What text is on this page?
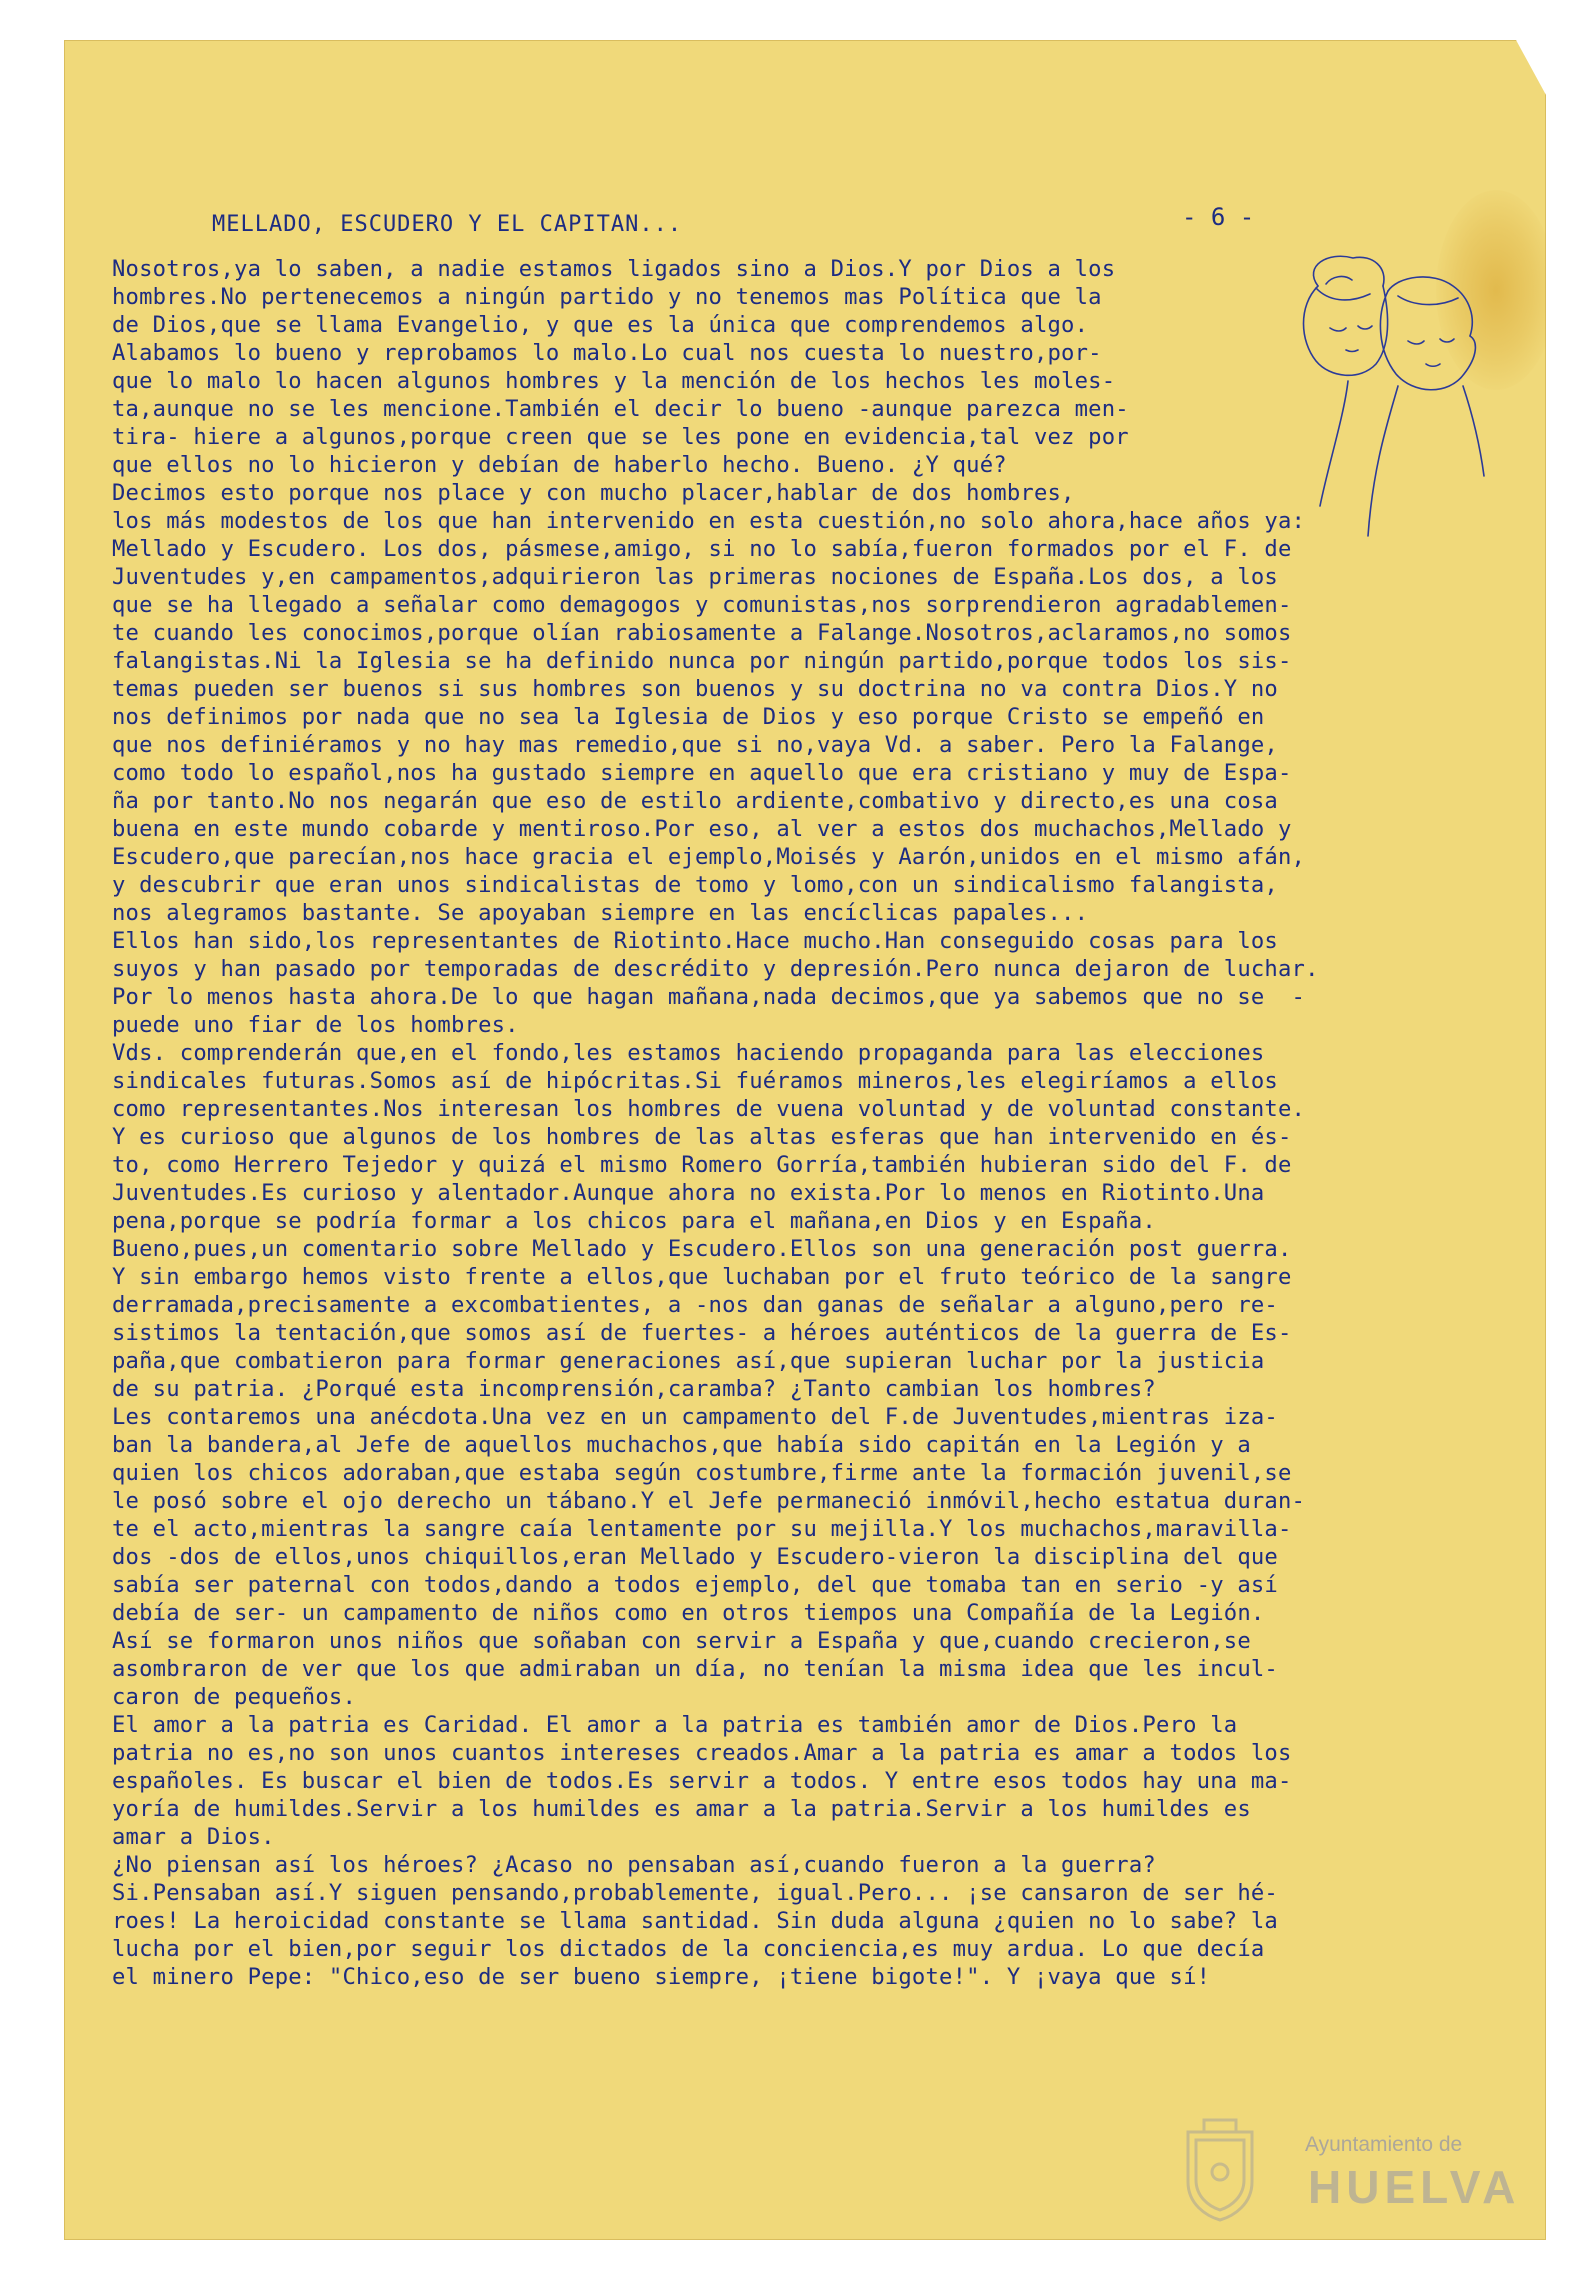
MELLADO, ESCUDERO Y EL CAPITAN...	- 6 -
Nosotros,ya lo saben, a nadie estamos ligados sino a Dios.Y por Dios a los
hombres.No pertenecemos a ningún partido y no tenemos mas Política que la
de Dios,que se llama Evangelio, y que es la única que comprendemos algo.
Alabamos lo bueno y reprobamos lo malo.Lo cual nos cuesta lo nuestro,por-
que lo malo lo hacen algunos hombres y la mención de los hechos les moles-
ta,aunque no se les mencione.También el decir lo bueno -aunque parezca men-
tira- hiere a algunos,porque creen que se les pone en evidencia,tal vez por
que ellos no lo hicieron y debían de haberlo hecho. Bueno. ¿Y qué?
Decimos esto porque nos place y con mucho placer,hablar de dos hombres,
los más modestos de los que han intervenido en esta cuestión,no solo ahora,hace años ya:
Mellado y Escudero. Los dos, pásmese,amigo, si no lo sabía,fueron formados por el F. de
Juventudes y,en campamentos,adquirieron las primeras nociones de España.Los dos, a los
que se ha llegado a señalar como demagogos y comunistas,nos sorprendieron agradablemen-
te cuando les conocimos,porque olían rabiosamente a Falange.Nosotros,aclaramos,no somos
falangistas.Ni la Iglesia se ha definido nunca por ningún partido,porque todos los sis-
temas pueden ser buenos si sus hombres son buenos y su doctrina no va contra Dios.Y no
nos definimos por nada que no sea la Iglesia de Dios y eso porque Cristo se empeñó en
que nos definiéramos y no hay mas remedio,que si no,vaya Vd. a saber. Pero la Falange,
como todo lo español,nos ha gustado siempre en aquello que era cristiano y muy de Espa-
ña por tanto.No nos negarán que eso de estilo ardiente,combativo y directo,es una cosa
buena en este mundo cobarde y mentiroso.Por eso, al ver a estos dos muchachos,Mellado y
Escudero,que parecían,nos hace gracia el ejemplo,Moisés y Aarón,unidos en el mismo afán,
y descubrir que eran unos sindicalistas de tomo y lomo,con un sindicalismo falangista,
nos alegramos bastante. Se apoyaban siempre en las encíclicas papales...
Ellos han sido,los representantes de Riotinto.Hace mucho.Han conseguido cosas para los
suyos y han pasado por temporadas de descrédito y depresión.Pero nunca dejaron de luchar.
Por lo menos hasta ahora.De lo que hagan mañana,nada decimos,que ya sabemos que no se  -
puede uno fiar de los hombres.
Vds. comprenderán que,en el fondo,les estamos haciendo propaganda para las elecciones
sindicales futuras.Somos así de hipócritas.Si fuéramos mineros,les elegiríamos a ellos
como representantes.Nos interesan los hombres de vuena voluntad y de voluntad constante.
Y es curioso que algunos de los hombres de las altas esferas que han intervenido en és-
to, como Herrero Tejedor y quizá el mismo Romero Gorría,también hubieran sido del F. de
Juventudes.Es curioso y alentador.Aunque ahora no exista.Por lo menos en Riotinto.Una
pena,porque se podría formar a los chicos para el mañana,en Dios y en España.
Bueno,pues,un comentario sobre Mellado y Escudero.Ellos son una generación post guerra.
Y sin embargo hemos visto frente a ellos,que luchaban por el fruto teórico de la sangre
derramada,precisamente a excombatientes, a -nos dan ganas de señalar a alguno,pero re-
sistimos la tentación,que somos así de fuertes- a héroes auténticos de la guerra de Es-
paña,que combatieron para formar generaciones así,que supieran luchar por la justicia
de su patria. ¿Porqué esta incomprensión,caramba? ¿Tanto cambian los hombres?
Les contaremos una anécdota.Una vez en un campamento del F.de Juventudes,mientras iza-
ban la bandera,al Jefe de aquellos muchachos,que había sido capitán en la Legión y a
quien los chicos adoraban,que estaba según costumbre,firme ante la formación juvenil,se
le posó sobre el ojo derecho un tábano.Y el Jefe permaneció inmóvil,hecho estatua duran-
te el acto,mientras la sangre caía lentamente por su mejilla.Y los muchachos,maravilla-
dos -dos de ellos,unos chiquillos,eran Mellado y Escudero-vieron la disciplina del que
sabía ser paternal con todos,dando a todos ejemplo, del que tomaba tan en serio -y así
debía de ser- un campamento de niños como en otros tiempos una Compañía de la Legión.
Así se formaron unos niños que soñaban con servir a España y que,cuando crecieron,se
asombraron de ver que los que admiraban un día, no tenían la misma idea que les incul-
caron de pequeños.
El amor a la patria es Caridad. El amor a la patria es también amor de Dios.Pero la
patria no es,no son unos cuantos intereses creados.Amar a la patria es amar a todos los
españoles. Es buscar el bien de todos.Es servir a todos. Y entre esos todos hay una ma-
yoría de humildes.Servir a los humildes es amar a la patria.Servir a los humildes es
amar a Dios.
¿No piensan así los héroes? ¿Acaso no pensaban así,cuando fueron a la guerra?
Si.Pensaban así.Y siguen pensando,probablemente, igual.Pero... ¡se cansaron de ser hé-
roes! La heroicidad constante se llama santidad. Sin duda alguna ¿quien no lo sabe? la
lucha por el bien,por seguir los dictados de la conciencia,es muy ardua. Lo que decía
el minero Pepe: "Chico,eso de ser bueno siempre, ¡tiene bigote!". Y ¡vaya que sí!
Ayuntamiento de
HUELVA
